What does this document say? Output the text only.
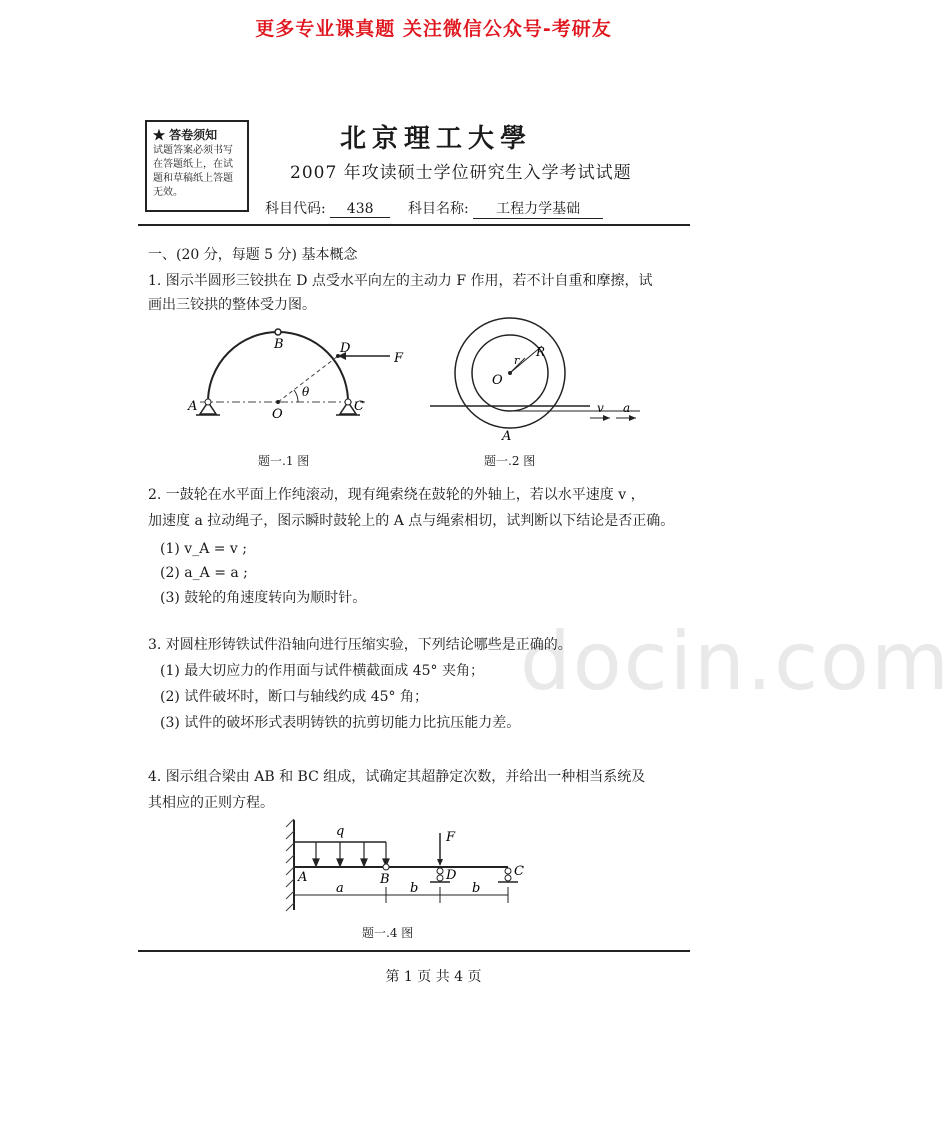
更多专业课真题 关注微信公众号-考研友
★ 答卷须知
试题答案必须书写在答题纸上，在试题和草稿纸上答题无效。
北京理工大學
2007 年攻读硕士学位研究生入学考试试题
科目代码: 438 科目名称: 工程力学基础
一、(20 分，每题 5 分) 基本概念
1. 图示半圆形三铰拱在 D 点受水平向左的主动力 F 作用，若不计自重和摩擦，试
画出三铰拱的整体受力图。
B	D
F
θ
A
O
C
题一.1 图
O
r
R
A
v a
题一.2 图
2. 一鼓轮在水平面上作纯滚动，现有绳索绕在鼓轮的外轴上，若以水平速度 v ，
加速度 a 拉动绳子，图示瞬时鼓轮上的 A 点与绳索相切，试判断以下结论是否正确。
(1) v_A = v ;
(2) a_A = a ;
(3) 鼓轮的角速度转向为顺时针。
docin.com
3. 对圆柱形铸铁试件沿轴向进行压缩实验，下列结论哪些是正确的。
(1) 最大切应力的作用面与试件横截面成 45° 夹角；
(2) 试件破坏时，断口与轴线约成 45° 角；
(3) 试件的破坏形式表明铸铁的抗剪切能力比抗压能力差。
4. 图示组合梁由 AB 和 BC 组成，试确定其超静定次数，并给出一种相当系统及
其相应的正则方程。
q	F
A	B	D	C
a	b	b
题一.4 图
第 1 页 共 4 页
